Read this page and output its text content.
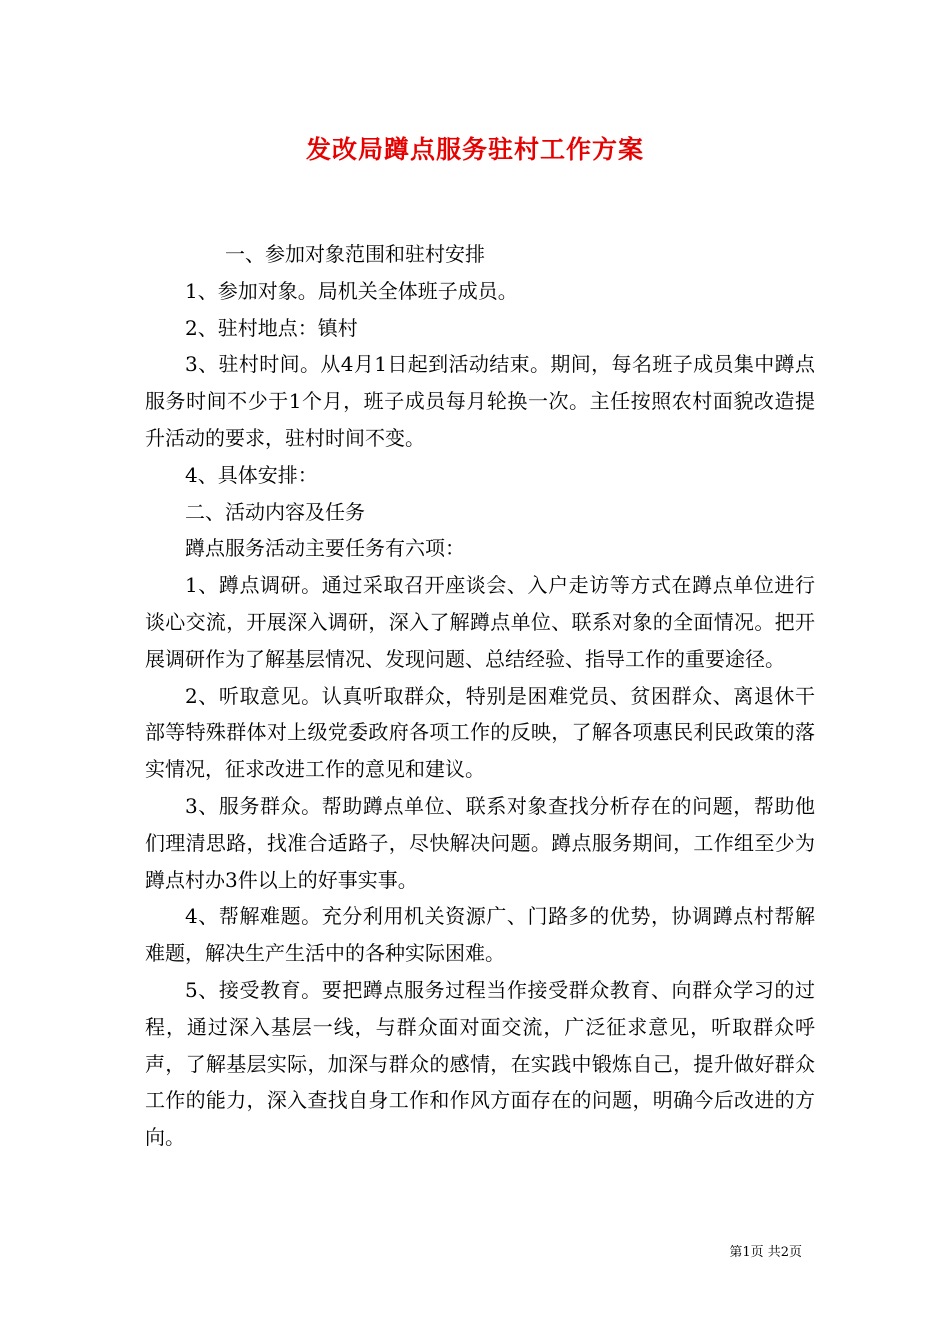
发改局蹲点服务驻村工作方案

一、参加对象范围和驻村安排

1、参加对象。局机关全体班子成员。

2、驻村地点：镇村

3、驻村时间。从4月1日起到活动结束。期间，每名班子成员集中蹲点服务时间不少于1个月，班子成员每月轮换一次。主任按照农村面貌改造提升活动的要求，驻村时间不变。

4、具体安排：

二、活动内容及任务

蹲点服务活动主要任务有六项：

1、蹲点调研。通过采取召开座谈会、入户走访等方式在蹲点单位进行谈心交流，开展深入调研，深入了解蹲点单位、联系对象的全面情况。把开展调研作为了解基层情况、发现问题、总结经验、指导工作的重要途径。

2、听取意见。认真听取群众，特别是困难党员、贫困群众、离退休干部等特殊群体对上级党委政府各项工作的反映，了解各项惠民利民政策的落实情况，征求改进工作的意见和建议。

3、服务群众。帮助蹲点单位、联系对象查找分析存在的问题，帮助他们理清思路，找准合适路子，尽快解决问题。蹲点服务期间，工作组至少为蹲点村办3件以上的好事实事。

4、帮解难题。充分利用机关资源广、门路多的优势，协调蹲点村帮解难题，解决生产生活中的各种实际困难。

5、接受教育。要把蹲点服务过程当作接受群众教育、向群众学习的过程，通过深入基层一线，与群众面对面交流，广泛征求意见，听取群众呼声，了解基层实际，加深与群众的感情，在实践中锻炼自己，提升做好群众工作的能力，深入查找自身工作和作风方面存在的问题，明确今后改进的方向。

第1页 共2页
